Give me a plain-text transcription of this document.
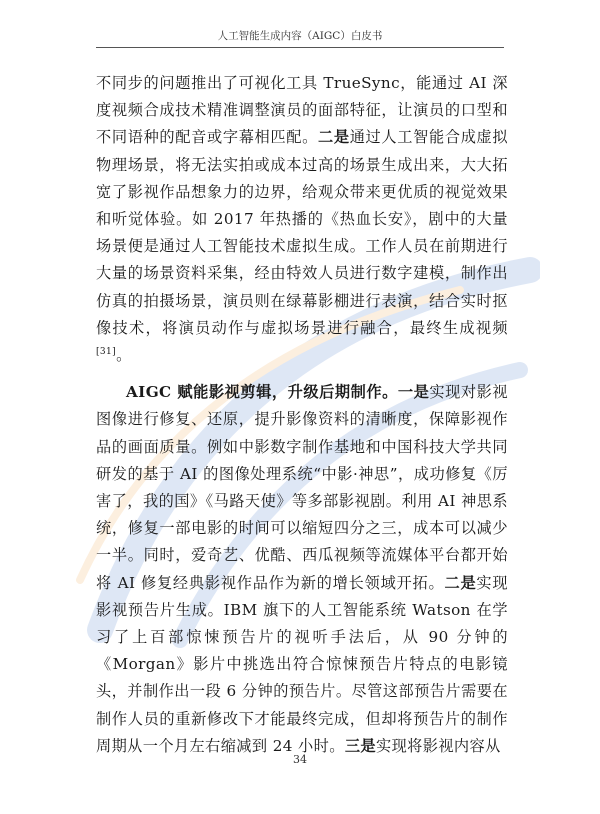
人工智能生成内容（AIGC）白皮书

不同步的问题推出了可视化工具 TrueSync，能通过 AI 深度视频合成技术精准调整演员的面部特征，让演员的口型和不同语种的配音或字幕相匹配。二是通过人工智能合成虚拟物理场景，将无法实拍或成本过高的场景生成出来，大大拓宽了影视作品想象力的边界，给观众带来更优质的视觉效果和听觉体验。如 2017 年热播的《热血长安》，剧中的大量场景便是通过人工智能技术虚拟生成。工作人员在前期进行大量的场景资料采集，经由特效人员进行数字建模，制作出仿真的拍摄场景，演员则在绿幕影棚进行表演，结合实时抠像技术，将演员动作与虚拟场景进行融合，最终生成视频[31]。

AIGC 赋能影视剪辑，升级后期制作。一是实现对影视图像进行修复、还原，提升影像资料的清晰度，保障影视作品的画面质量。例如中影数字制作基地和中国科技大学共同研发的基于 AI 的图像处理系统“中影·神思”，成功修复《厉害了，我的国》《马路天使》等多部影视剧。利用 AI 神思系统，修复一部电影的时间可以缩短四分之三，成本可以减少一半。同时，爱奇艺、优酷、西瓜视频等流媒体平台都开始将 AI 修复经典影视作品作为新的增长领域开拓。二是实现影视预告片生成。IBM 旗下的人工智能系统 Watson 在学习了上百部惊悚预告片的视听手法后，从 90 分钟的《Morgan》影片中挑选出符合惊悚预告片特点的电影镜头，并制作出一段 6 分钟的预告片。尽管这部预告片需要在制作人员的重新修改下才能最终完成，但却将预告片的制作周期从一个月左右缩减到 24 小时。三是实现将影视内容从

34
